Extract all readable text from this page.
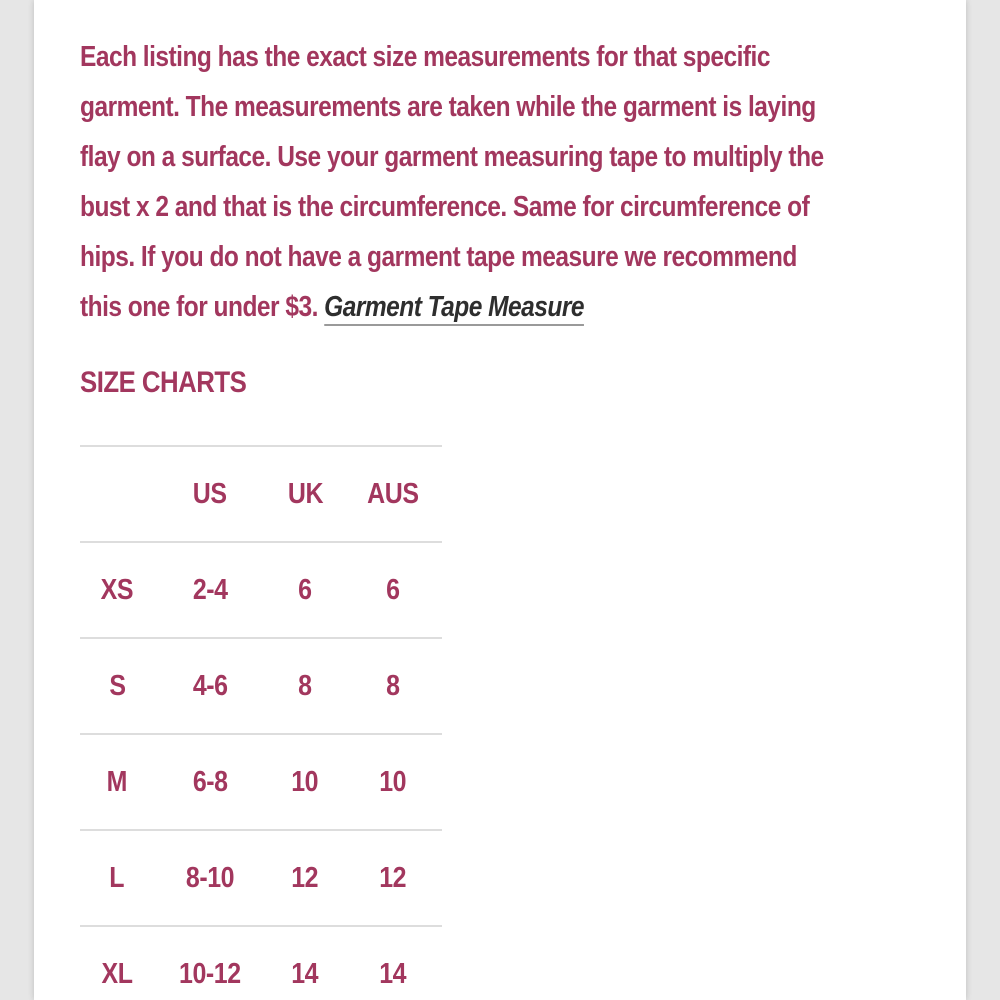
Each listing has the exact size measurements for that specific
garment. The measurements are taken while the garment is laying
flay on a surface. Use your garment measuring tape to multiply the
bust x 2 and that is the circumference. Same for circumference of
hips. If you do not have a garment tape measure we recommend
this one for under $3. Garment Tape Measure

SIZE CHARTS
	US	UK	AUS
XS	2-4	6	6
S	4-6	8	8
M	6-8	10	10
L	8-10	12	12
XL	10-12	14	14
